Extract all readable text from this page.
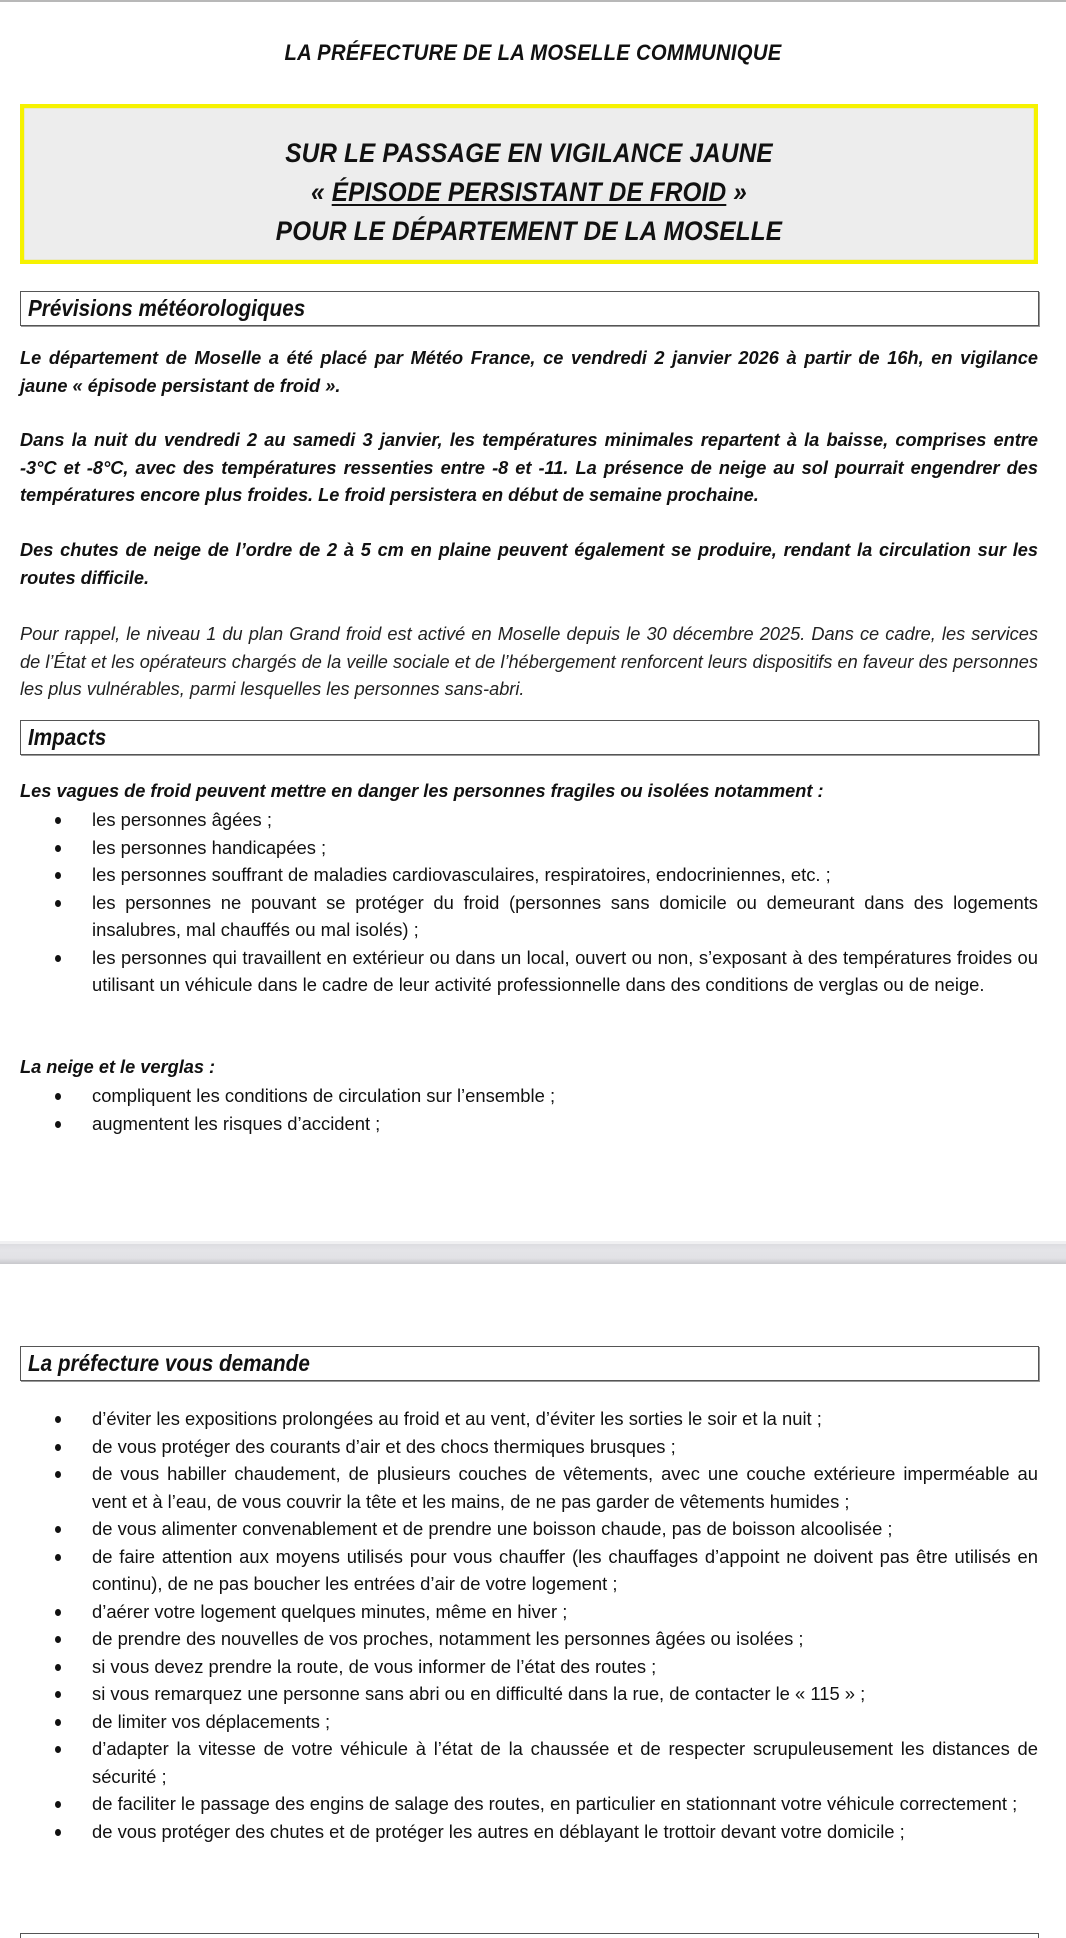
LA PRÉFECTURE DE LA MOSELLE COMMUNIQUE
SUR LE PASSAGE EN VIGILANCE JAUNE
« ÉPISODE PERSISTANT DE FROID »
POUR LE DÉPARTEMENT DE LA MOSELLE
Prévisions météorologiques

Le département de Moselle a été placé par Météo France, ce vendredi 2 janvier 2026 à partir de 16h, en vigilance jaune « épisode persistant de froid ».

Dans la nuit du vendredi 2 au samedi 3 janvier, les températures minimales repartent à la baisse, comprises entre -3°C et -8°C, avec des températures ressenties entre -8 et -11. La présence de neige au sol pourrait engendrer des températures encore plus froides. Le froid persistera en début de semaine prochaine.

Des chutes de neige de l’ordre de 2 à 5 cm en plaine peuvent également se produire, rendant la circulation sur les routes difficile.

Pour rappel, le niveau 1 du plan Grand froid est activé en Moselle depuis le 30 décembre 2025. Dans ce cadre, les services de l’État et les opérateurs chargés de la veille sociale et de l’hébergement renforcent leurs dispositifs en faveur des personnes les plus vulnérables, parmi lesquelles les personnes sans-abri.

Impacts
Les vagues de froid peuvent mettre en danger les personnes fragiles ou isolées notamment :
les personnes âgées ;
les personnes handicapées ;
les personnes souffrant de maladies cardiovasculaires, respiratoires, endocriniennes, etc. ;
les personnes ne pouvant se protéger du froid (personnes sans domicile ou demeurant dans des logements insalubres, mal chauffés ou mal isolés) ;
les personnes qui travaillent en extérieur ou dans un local, ouvert ou non, s’exposant à des températures froides ou utilisant un véhicule dans le cadre de leur activité professionnelle dans des conditions de verglas ou de neige.
La neige et le verglas :
compliquent les conditions de circulation sur l’ensemble ;
augmentent les risques d’accident ;
La préfecture vous demande
d’éviter les expositions prolongées au froid et au vent, d’éviter les sorties le soir et la nuit ;
de vous protéger des courants d’air et des chocs thermiques brusques ;
de vous habiller chaudement, de plusieurs couches de vêtements, avec une couche extérieure imperméable au vent et à l’eau, de vous couvrir la tête et les mains, de ne pas garder de vêtements humides ;
de vous alimenter convenablement et de prendre une boisson chaude, pas de boisson alcoolisée ;
de faire attention aux moyens utilisés pour vous chauffer (les chauffages d’appoint ne doivent pas être utilisés en continu), de ne pas boucher les entrées d’air de votre logement ;
d’aérer votre logement quelques minutes, même en hiver ;
de prendre des nouvelles de vos proches, notamment les personnes âgées ou isolées ;
si vous devez prendre la route, de vous informer de l’état des routes ;
si vous remarquez une personne sans abri ou en difficulté dans la rue, de contacter le « 115 » ;
de limiter vos déplacements ;
d’adapter la vitesse de votre véhicule à l’état de la chaussée et de respecter scrupuleusement les distances de sécurité ;
de faciliter le passage des engins de salage des routes, en particulier en stationnant votre véhicule correctement ;
de vous protéger des chutes et de protéger les autres en déblayant le trottoir devant votre domicile ;
